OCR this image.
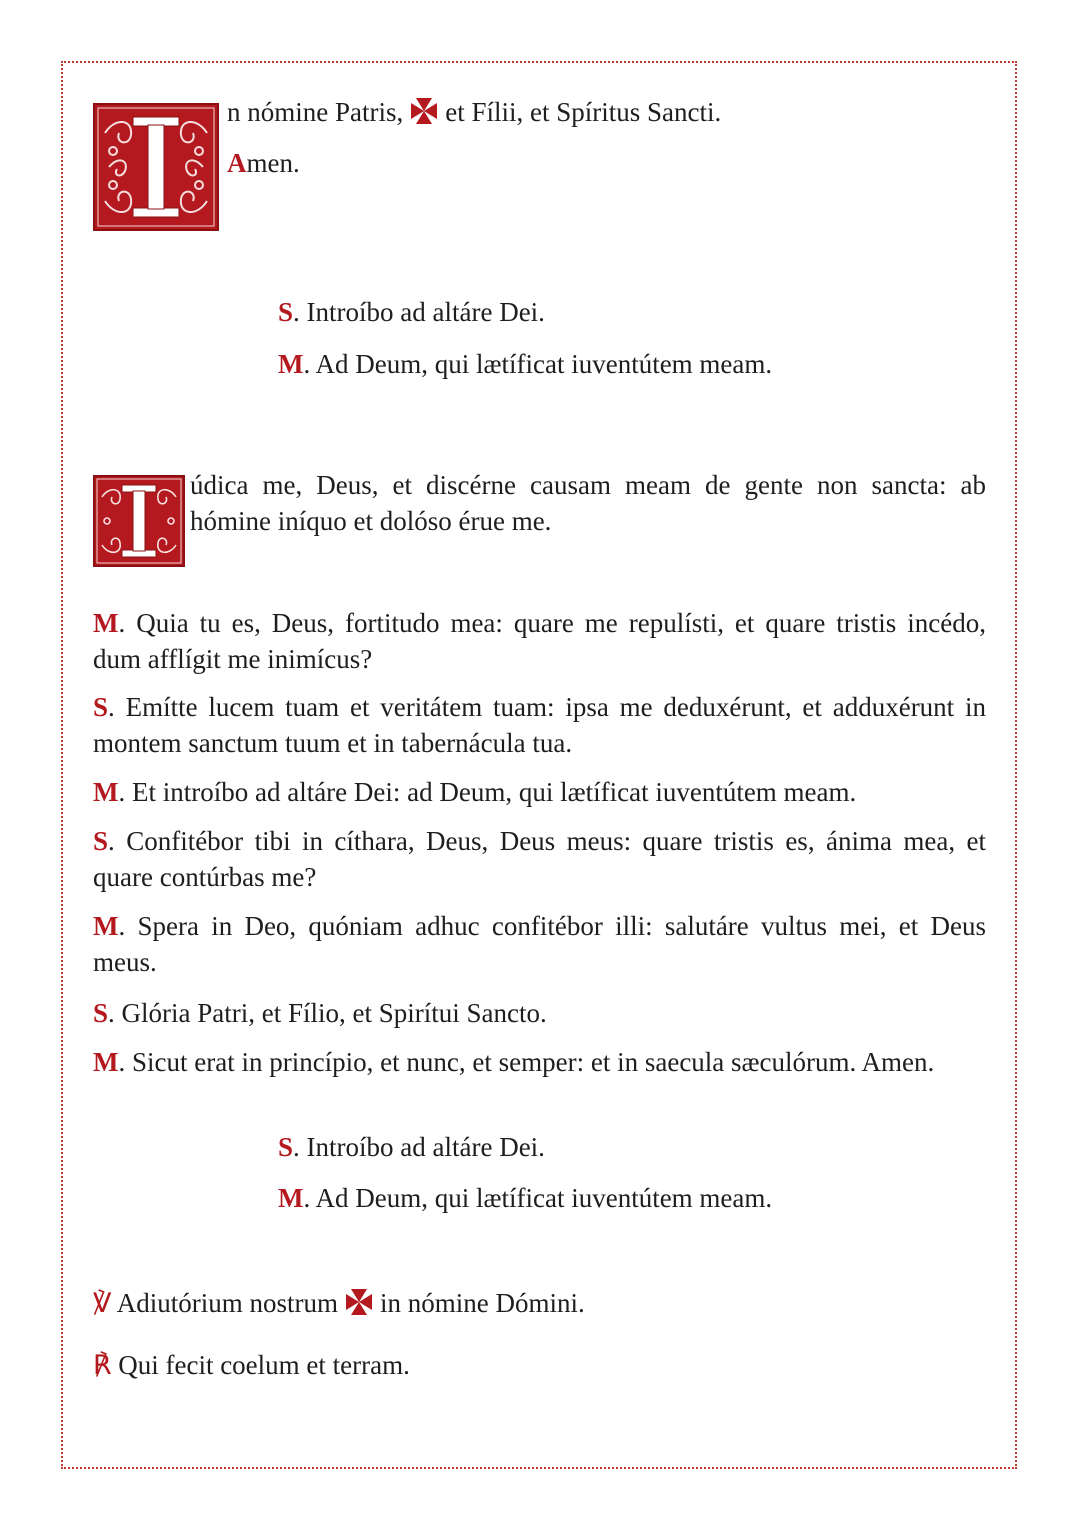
n nómine Patris, et Fílii, et Spíritus Sancti.
Amen.
S. Introíbo ad altáre Dei.
M. Ad Deum, qui lætíficat iuventútem meam.
údica me, Deus, et discérne causam meam de gente non sancta: ab hómine iníquo et dolóso érue me.
M. Quia tu es, Deus, fortitudo mea: quare me repulísti, et quare tristis incédo, dum afflígit me inimícus?
S. Emítte lucem tuam et veritátem tuam: ipsa me deduxérunt, et adduxérunt in montem sanctum tuum et in tabernácula tua.
M. Et introíbo ad altáre Dei: ad Deum, qui lætíficat iuventútem meam.
S. Confitébor tibi in cíthara, Deus, Deus meus: quare tristis es, ánima mea, et quare contúrbas me?
M. Spera in Deo, quóniam adhuc confitébor illi: salutáre vultus mei, et Deus meus.
S. Glória Patri, et Fílio, et Spirítui Sancto.
M. Sicut erat in princípio, et nunc, et semper: et in saecula sæculórum. Amen.
S. Introíbo ad altáre Dei.
M. Ad Deum, qui lætíficat iuventútem meam.
℣ Adiutórium nostrum in nómine Dómini.
℟ Qui fecit coelum et terram.
